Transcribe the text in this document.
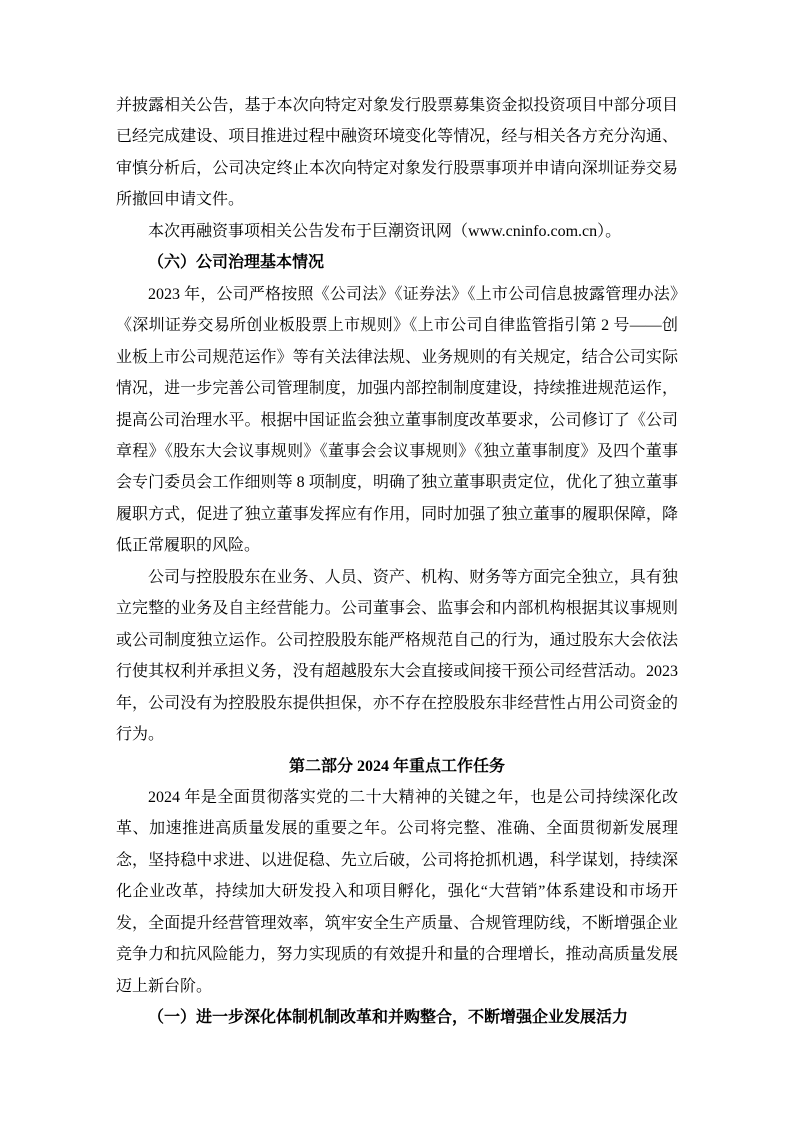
并披露相关公告，基于本次向特定对象发行股票募集资金拟投资项目中部分项目已经完成建设、项目推进过程中融资环境变化等情况，经与相关各方充分沟通、审慎分析后，公司决定终止本次向特定对象发行股票事项并申请向深圳证券交易所撤回申请文件。

本次再融资事项相关公告发布于巨潮资讯网（www.cninfo.com.cn）。

（六）公司治理基本情况

2023 年，公司严格按照《公司法》《证券法》《上市公司信息披露管理办法》《深圳证券交易所创业板股票上市规则》《上市公司自律监管指引第 2 号——创业板上市公司规范运作》等有关法律法规、业务规则的有关规定，结合公司实际情况，进一步完善公司管理制度，加强内部控制制度建设，持续推进规范运作，提高公司治理水平。根据中国证监会独立董事制度改革要求，公司修订了《公司章程》《股东大会议事规则》《董事会会议事规则》《独立董事制度》及四个董事会专门委员会工作细则等 8 项制度，明确了独立董事职责定位，优化了独立董事履职方式，促进了独立董事发挥应有作用，同时加强了独立董事的履职保障，降低正常履职的风险。

公司与控股股东在业务、人员、资产、机构、财务等方面完全独立，具有独立完整的业务及自主经营能力。公司董事会、监事会和内部机构根据其议事规则或公司制度独立运作。公司控股股东能严格规范自己的行为，通过股东大会依法行使其权利并承担义务，没有超越股东大会直接或间接干预公司经营活动。2023 年，公司没有为控股股东提供担保，亦不存在控股股东非经营性占用公司资金的行为。

第二部分 2024 年重点工作任务

2024 年是全面贯彻落实党的二十大精神的关键之年，也是公司持续深化改革、加速推进高质量发展的重要之年。公司将完整、准确、全面贯彻新发展理念，坚持稳中求进、以进促稳、先立后破，公司将抢抓机遇，科学谋划，持续深化企业改革，持续加大研发投入和项目孵化，强化“大营销”体系建设和市场开发，全面提升经营管理效率，筑牢安全生产质量、合规管理防线，不断增强企业竞争力和抗风险能力，努力实现质的有效提升和量的合理增长，推动高质量发展迈上新台阶。

（一）进一步深化体制机制改革和并购整合，不断增强企业发展活力
